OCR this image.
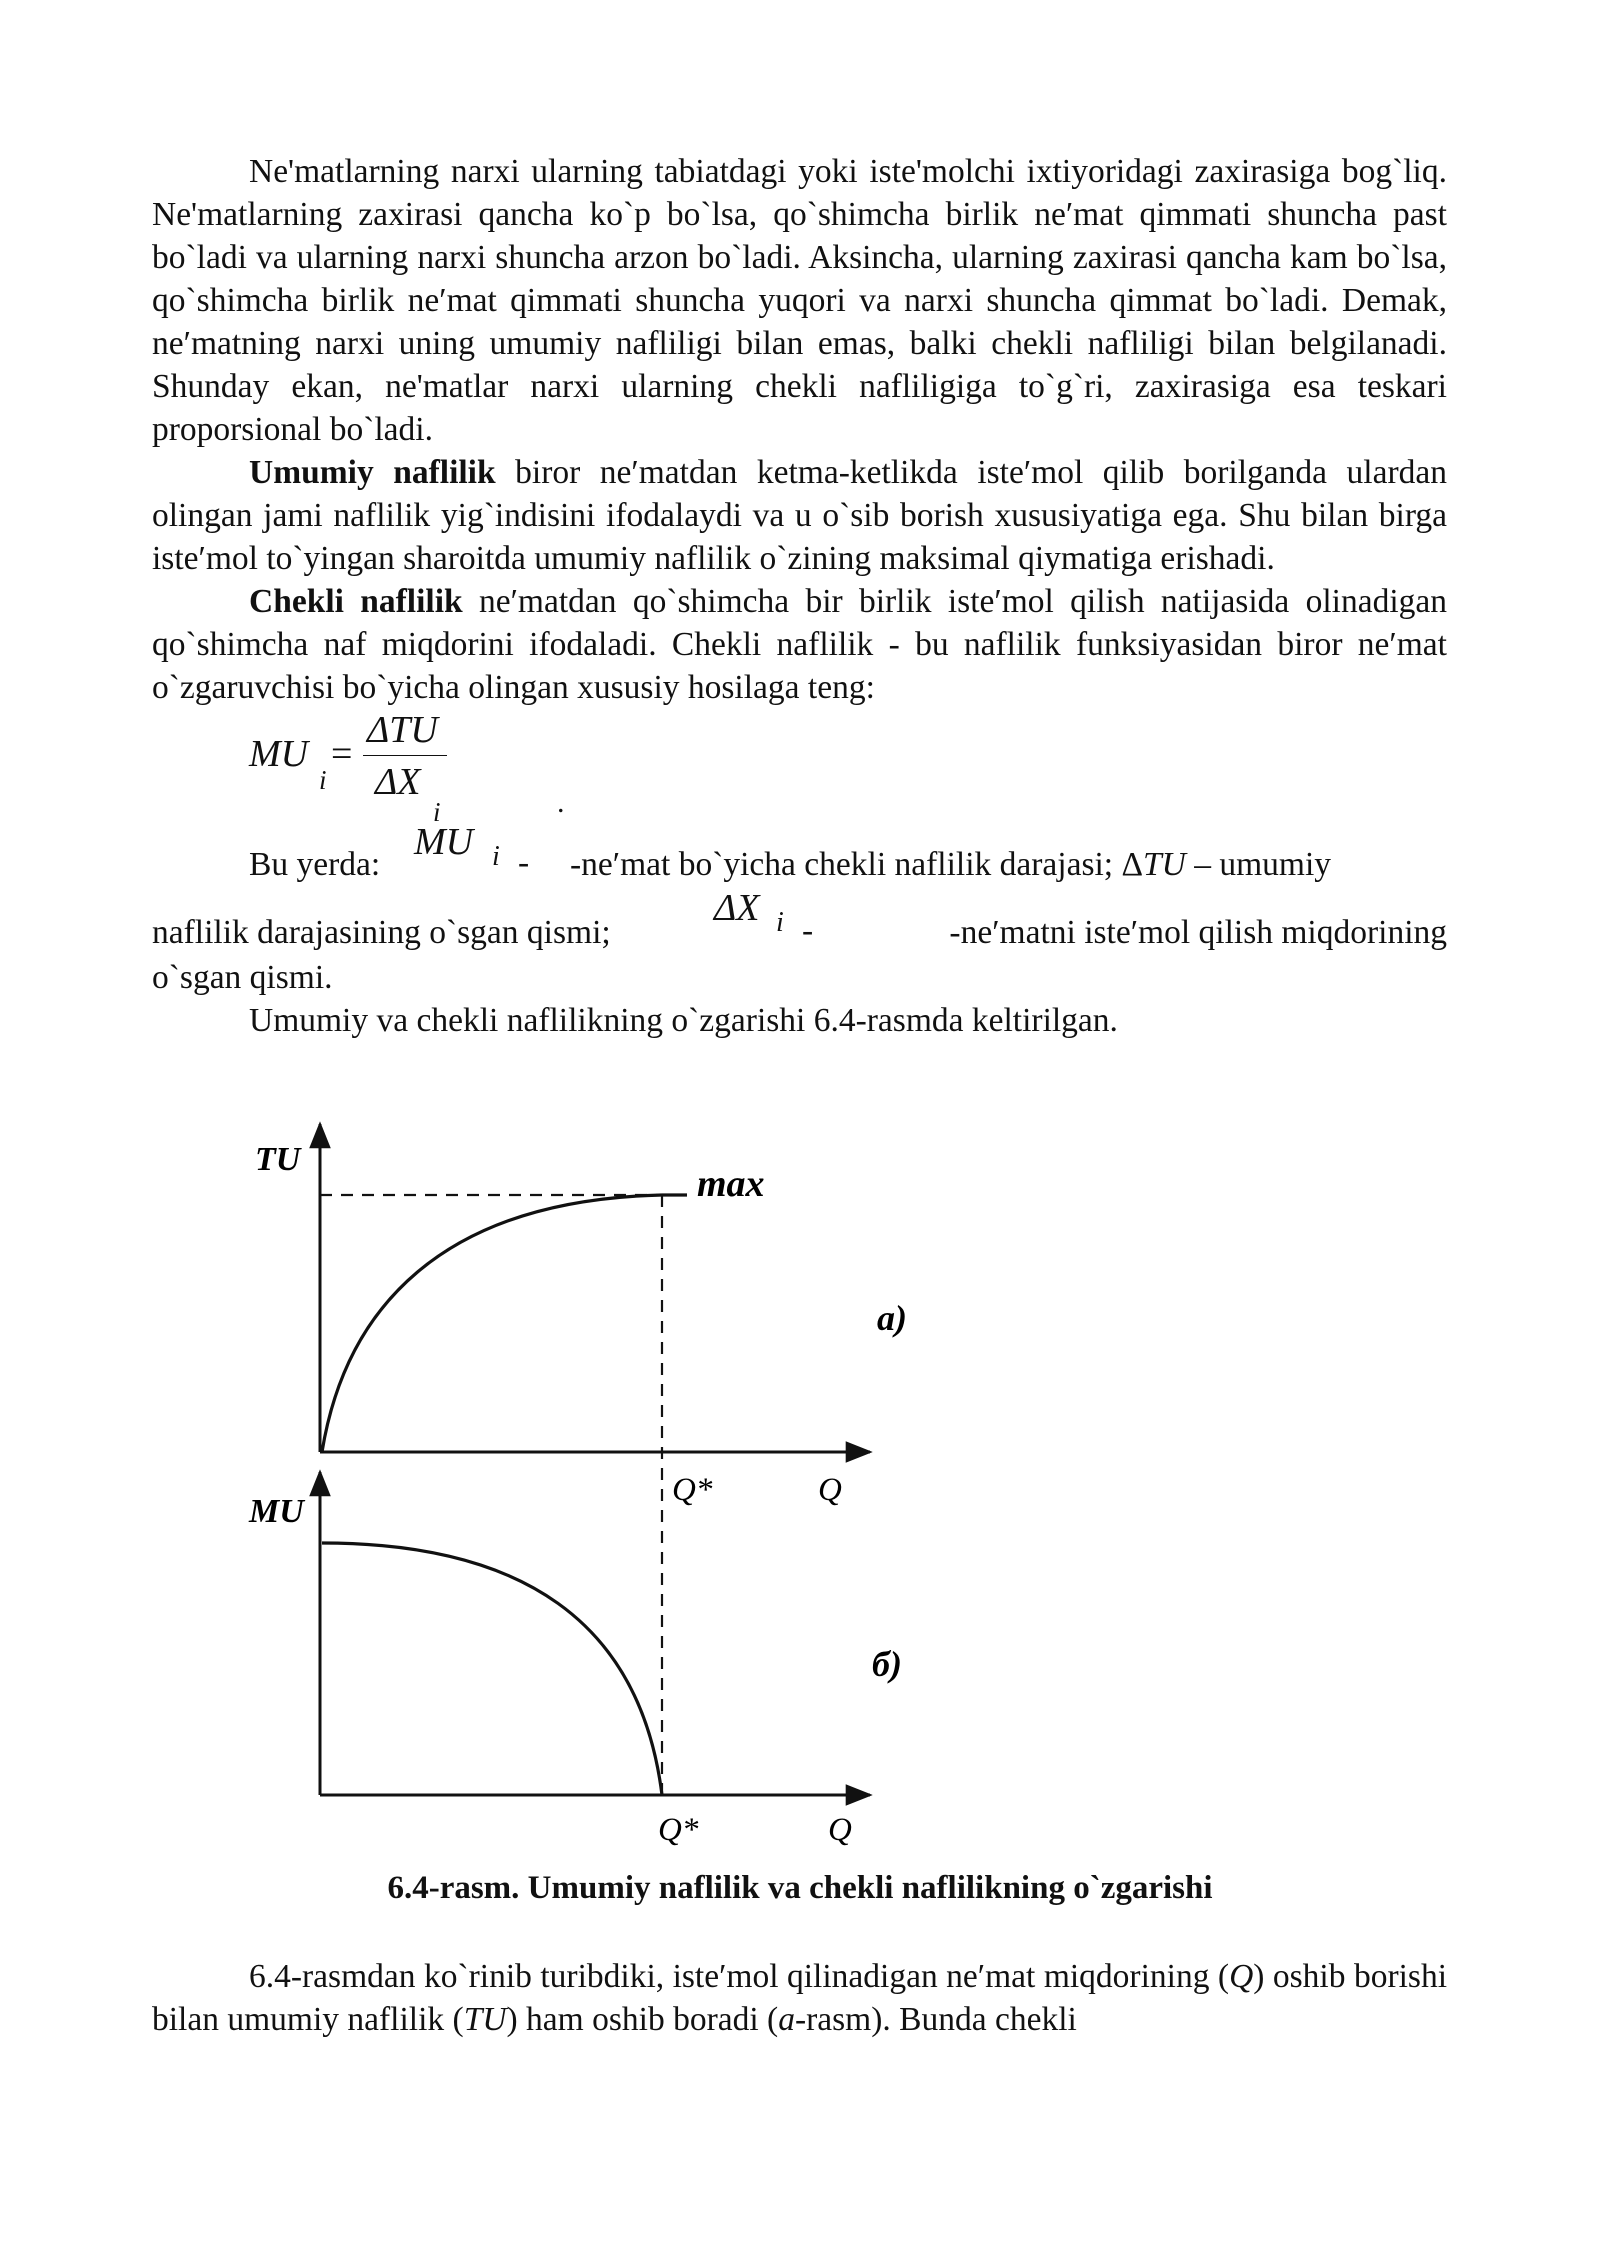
Ne'matlarning narxi ularning tabiatdagi yoki iste'molchi ixtiyoridagi zaxirasiga bog`liq. Ne'matlarning zaxirasi qancha ko`p bo`lsa, qo`shimcha birlik ne′mat qimmati shuncha past bo`ladi va ularning narxi shuncha arzon bo`ladi. Aksincha, ularning zaxirasi qancha kam bo`lsa, qo`shimcha birlik ne′mat qimmati shuncha yuqori va narxi shuncha qimmat bo`ladi. Demak, ne′matning narxi uning umumiy nafliligi bilan emas, balki chekli nafliligi bilan belgilanadi. Shunday ekan, ne'matlar narxi ularning chekli nafliligiga to`g`ri, zaxirasiga esa teskari proporsional bo`ladi.

Umumiy naflilik biror ne′matdan ketma-ketlikda iste′mol qilib borilganda ulardan olingan jami naflilik yig`indisini ifodalaydi va u o`sib borish xususiyatiga ega. Shu bilan birga iste′mol to`yingan sharoitda umumiy naflilik o`zining maksimal qiymatiga erishadi.

Chekli naflilik ne′matdan qo`shimcha bir birlik iste′mol qilish natijasida olinadigan qo`shimcha naf miqdorini ifodaladi. Chekli naflilik - bu naflilik funksiyasidan biror ne′mat o`zgaruvchisi bo`yicha olingan xususiy hosilaga teng:

MU
i
=
ΔTU
ΔX
i	.
Bu yerda:
MU i - -ne′mat bo`yicha chekli naflilik darajasi; ΔTU – umumiy
naflilik darajasining o`sgan qismi;
ΔX i -	-ne′matni iste′mol qilish miqdorining

o`sgan qismi.

Umumiy va chekli naflilikning o`zgarishi 6.4-rasmda keltirilgan.

TU
max
а)
Q*	Q
MU
б)
Q*	Q
6.4-rasm. Umumiy naflilik va chekli naflilikning o`zgarishi

6.4-rasmdan ko`rinib turibdiki, iste′mol qilinadigan ne′mat miqdorining (Q) oshib borishi bilan umumiy naflilik (TU) ham oshib boradi (a-rasm). Bunda chekli
